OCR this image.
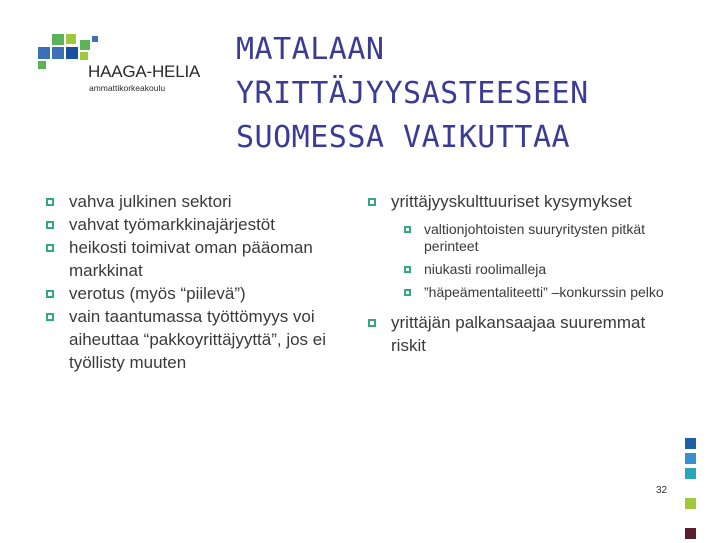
HAAGA-HELIA
ammattikorkeakoulu
MATALAAN
YRITTÄJYYSASTEESEEN
SUOMESSA VAIKUTTAA
vahva julkinen sektori
vahvat työmarkkinajärjestöt
heikosti toimivat oman pääoman markkinat
verotus (myös “piilevä”)
vain taantumassa työttömyys voi aiheuttaa “pakkoyrittäjyyttä”, jos ei työllisty muuten
yrittäjyyskulttuuriset kysymykset
valtionjohtoisten suuryritysten pitkät perinteet
niukasti roolimalleja
”häpeämentaliteetti” –konkurssin pelko
yrittäjän palkansaajaa suuremmat riskit
32
